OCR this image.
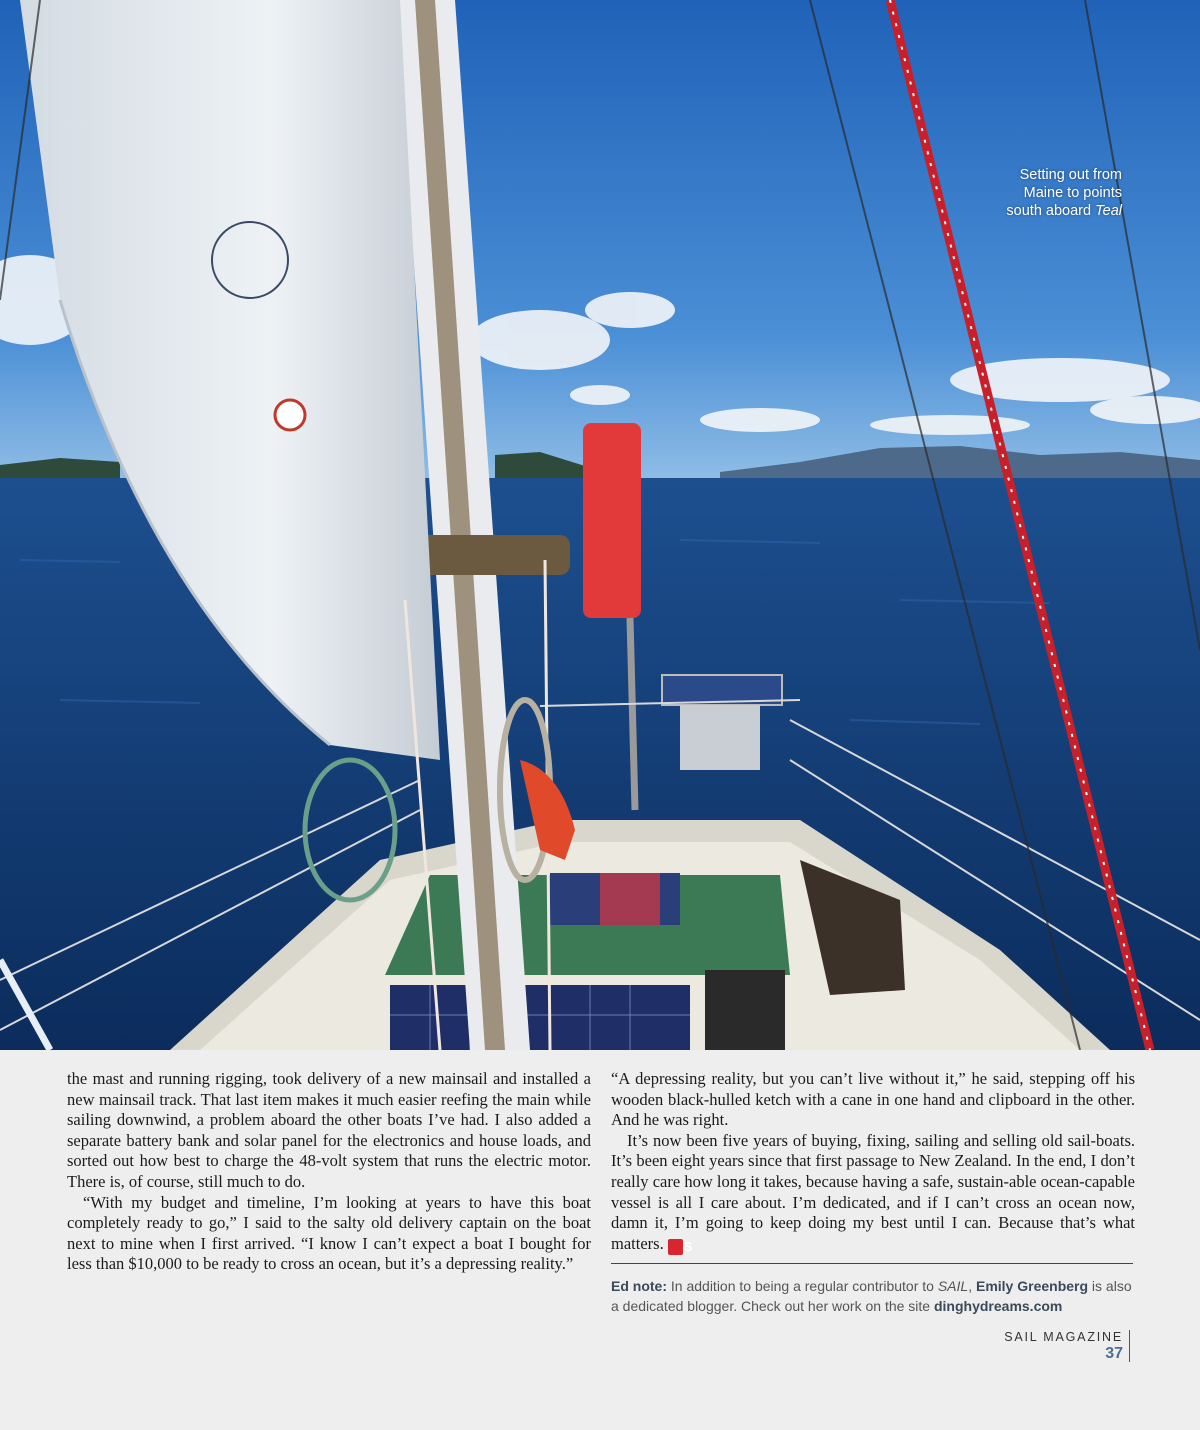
Setting out from
Maine to points
south aboard Teal

the mast and running rigging, took delivery of a new mainsail and installed a new mainsail track. That last item makes it much easier reefing the main while sailing downwind, a problem aboard the other boats I’ve had. I also added a separate battery bank and solar panel for the electronics and house loads, and sorted out how best to charge the 48-volt system that runs the electric motor. There is, of course, still much to do.

“With my budget and timeline, I’m looking at years to have this boat completely ready to go,” I said to the salty old delivery captain on the boat next to mine when I first arrived. “I know I can’t expect a boat I bought for less than $10,000 to be ready to cross an ocean, but it’s a depressing reality.”

“A depressing reality, but you can’t live without it,” he said, stepping off his wooden black-hulled ketch with a cane in one hand and clipboard in the other. And he was right.

It’s now been five years of buying, fixing, sailing and selling old sail-boats. It’s been eight years since that first passage to New Zealand. In the end, I don’t really care how long it takes, because having a safe, sustain-able ocean-capable vessel is all I care about. I’m dedicated, and if I can’t cross an ocean now, damn it, I’m going to keep doing my best until I can. Because that’s what matters. S

Ed note: In addition to being a regular contributor to SAIL, Emily Greenberg is also a dedicated blogger. Check out her work on the site dinghydreams.com
SAIL MAGAZINE
37
